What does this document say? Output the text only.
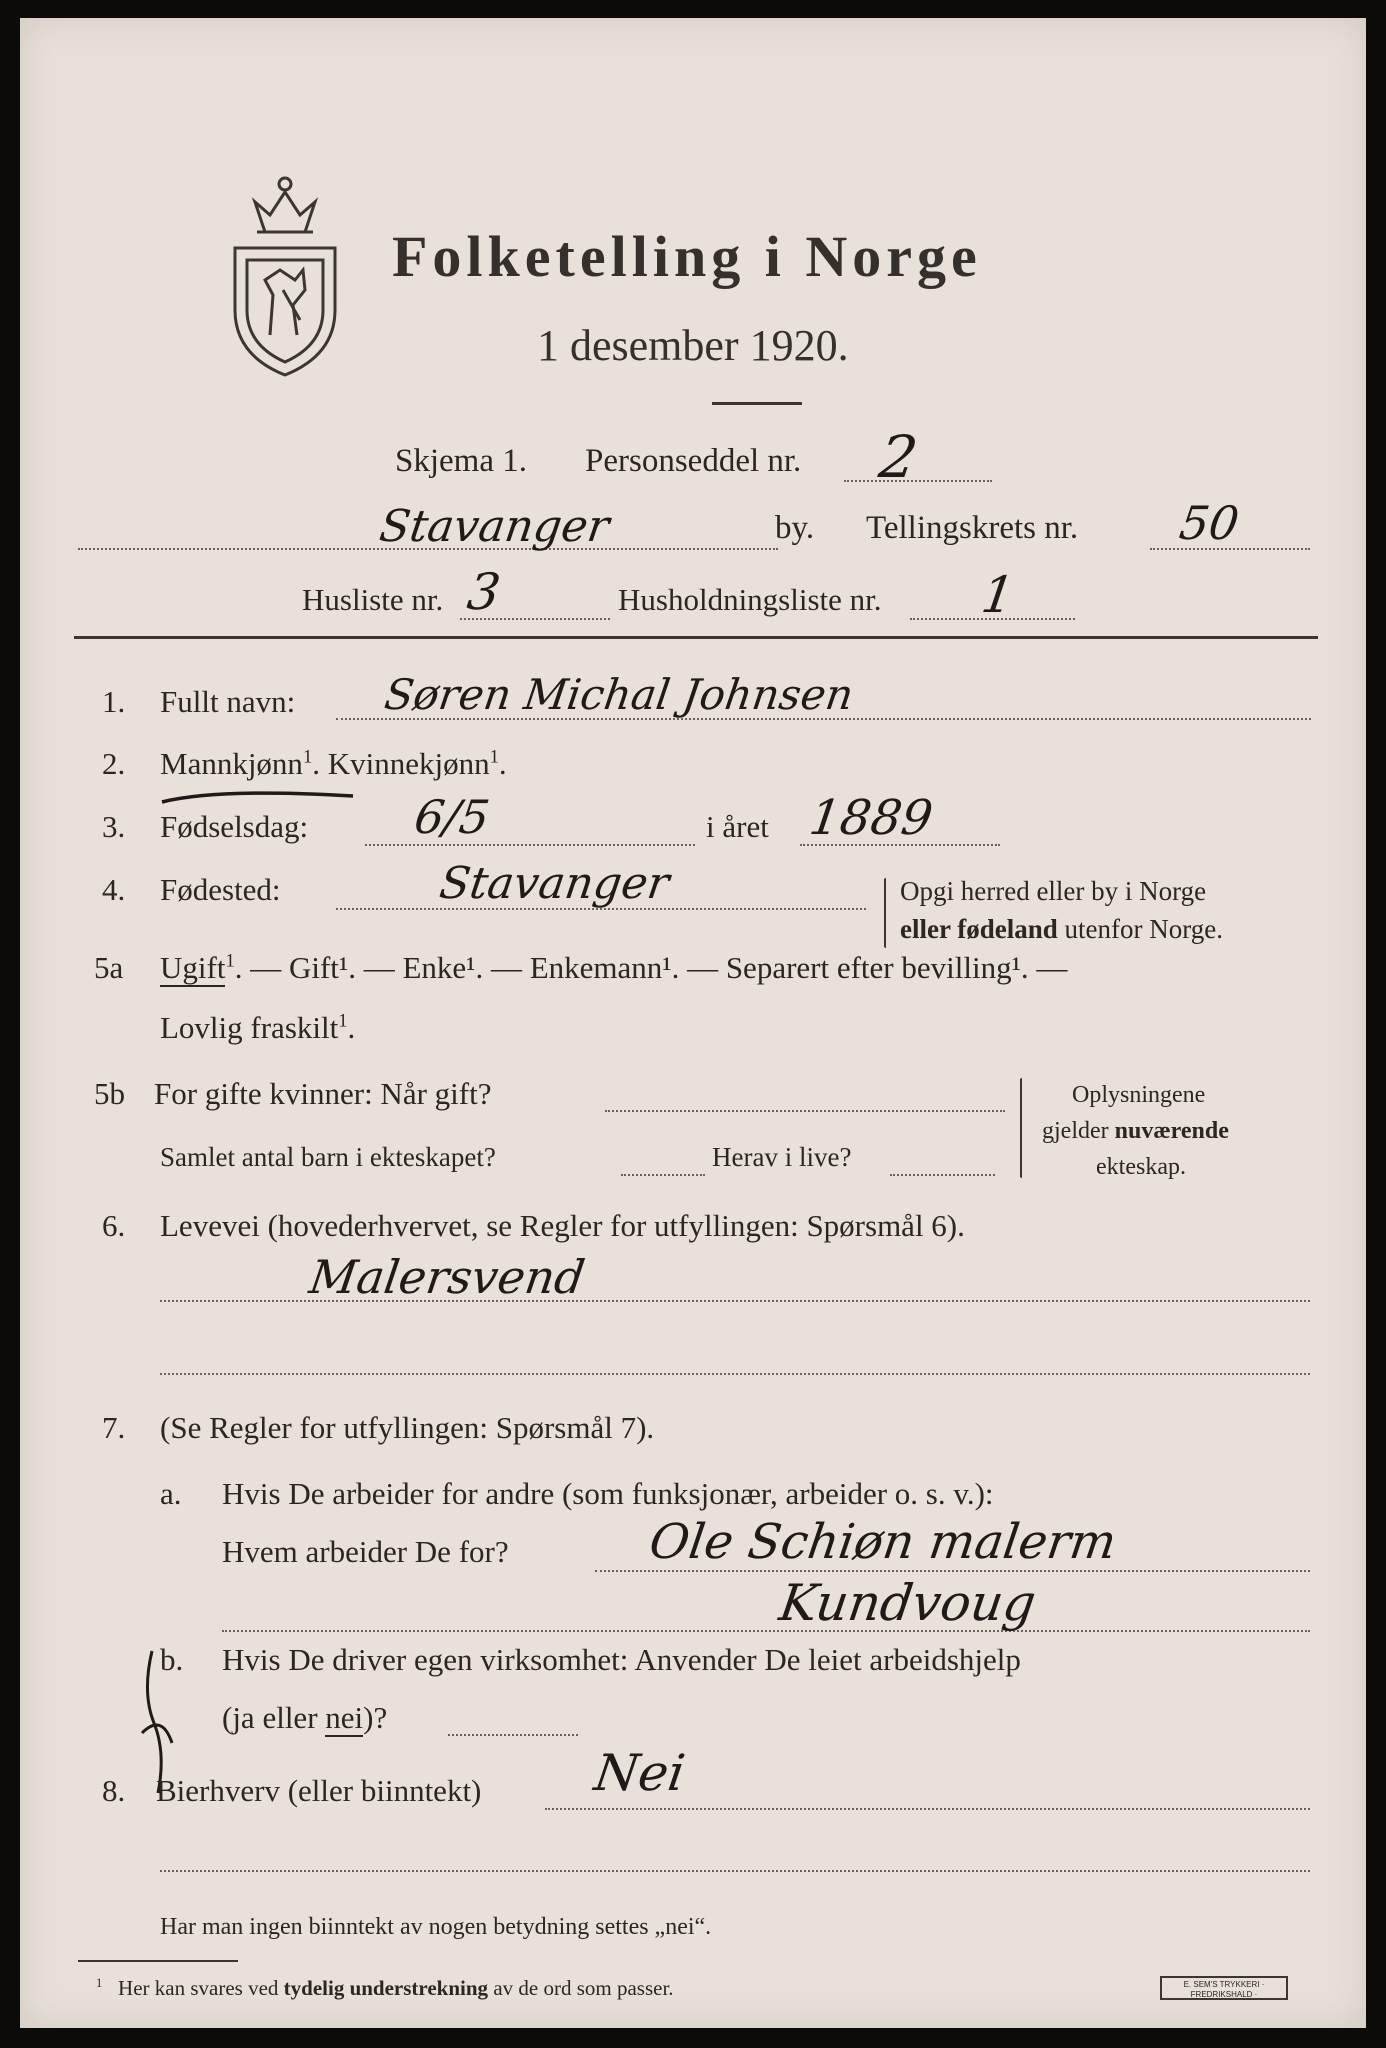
Folketelling i Norge
1 desember 1920.
Skjema 1. Personseddel nr. 2
Stavanger	by. Tellingskrets nr. 50
Husliste nr. 3	Husholdningsliste nr. 1
1. Fullt navn: Søren Michal Johnsen
2. Mannkjønn$^1$. Kvinnekjønn$^1$.
3. Fødselsdag: 6/5	i året 1889
4. Fødested:	Stavanger	Opgi herred eller by i Norge
eller fødeland utenfor Norge.
5a Ugift$^1$. — Gift¹. — Enke¹. — Enkemann¹. — Separert efter bevilling¹. —
Lovlig fraskilt$^1$.
5b For gifte kvinner: Når gift?
Samlet antal barn i ekteskapet?	Herav i live?
Oplysningene
gjelder nuværende
ekteskap.
6. Levevei (hovederhvervet, se Regler for utfyllingen: Spørsmål 6).
Malersvend
7. (Se Regler for utfyllingen: Spørsmål 7).
a. Hvis De arbeider for andre (som funksjonær, arbeider o. s. v.):
Hvem arbeider De for?	Ole Schiøn malerm
Kundvoug
b. Hvis De driver egen virksomhet: Anvender De leiet arbeidshjelp
(ja eller nei)?
8. Bierhverv (eller biinntekt) Nei
Har man ingen biinntekt av nogen betydning settes „nei“.
$^1$ Her kan svares ved tydelig understrekning av de ord som passer.	E. SEM'S TRYKKERI · FREDRIKSHALD ·
